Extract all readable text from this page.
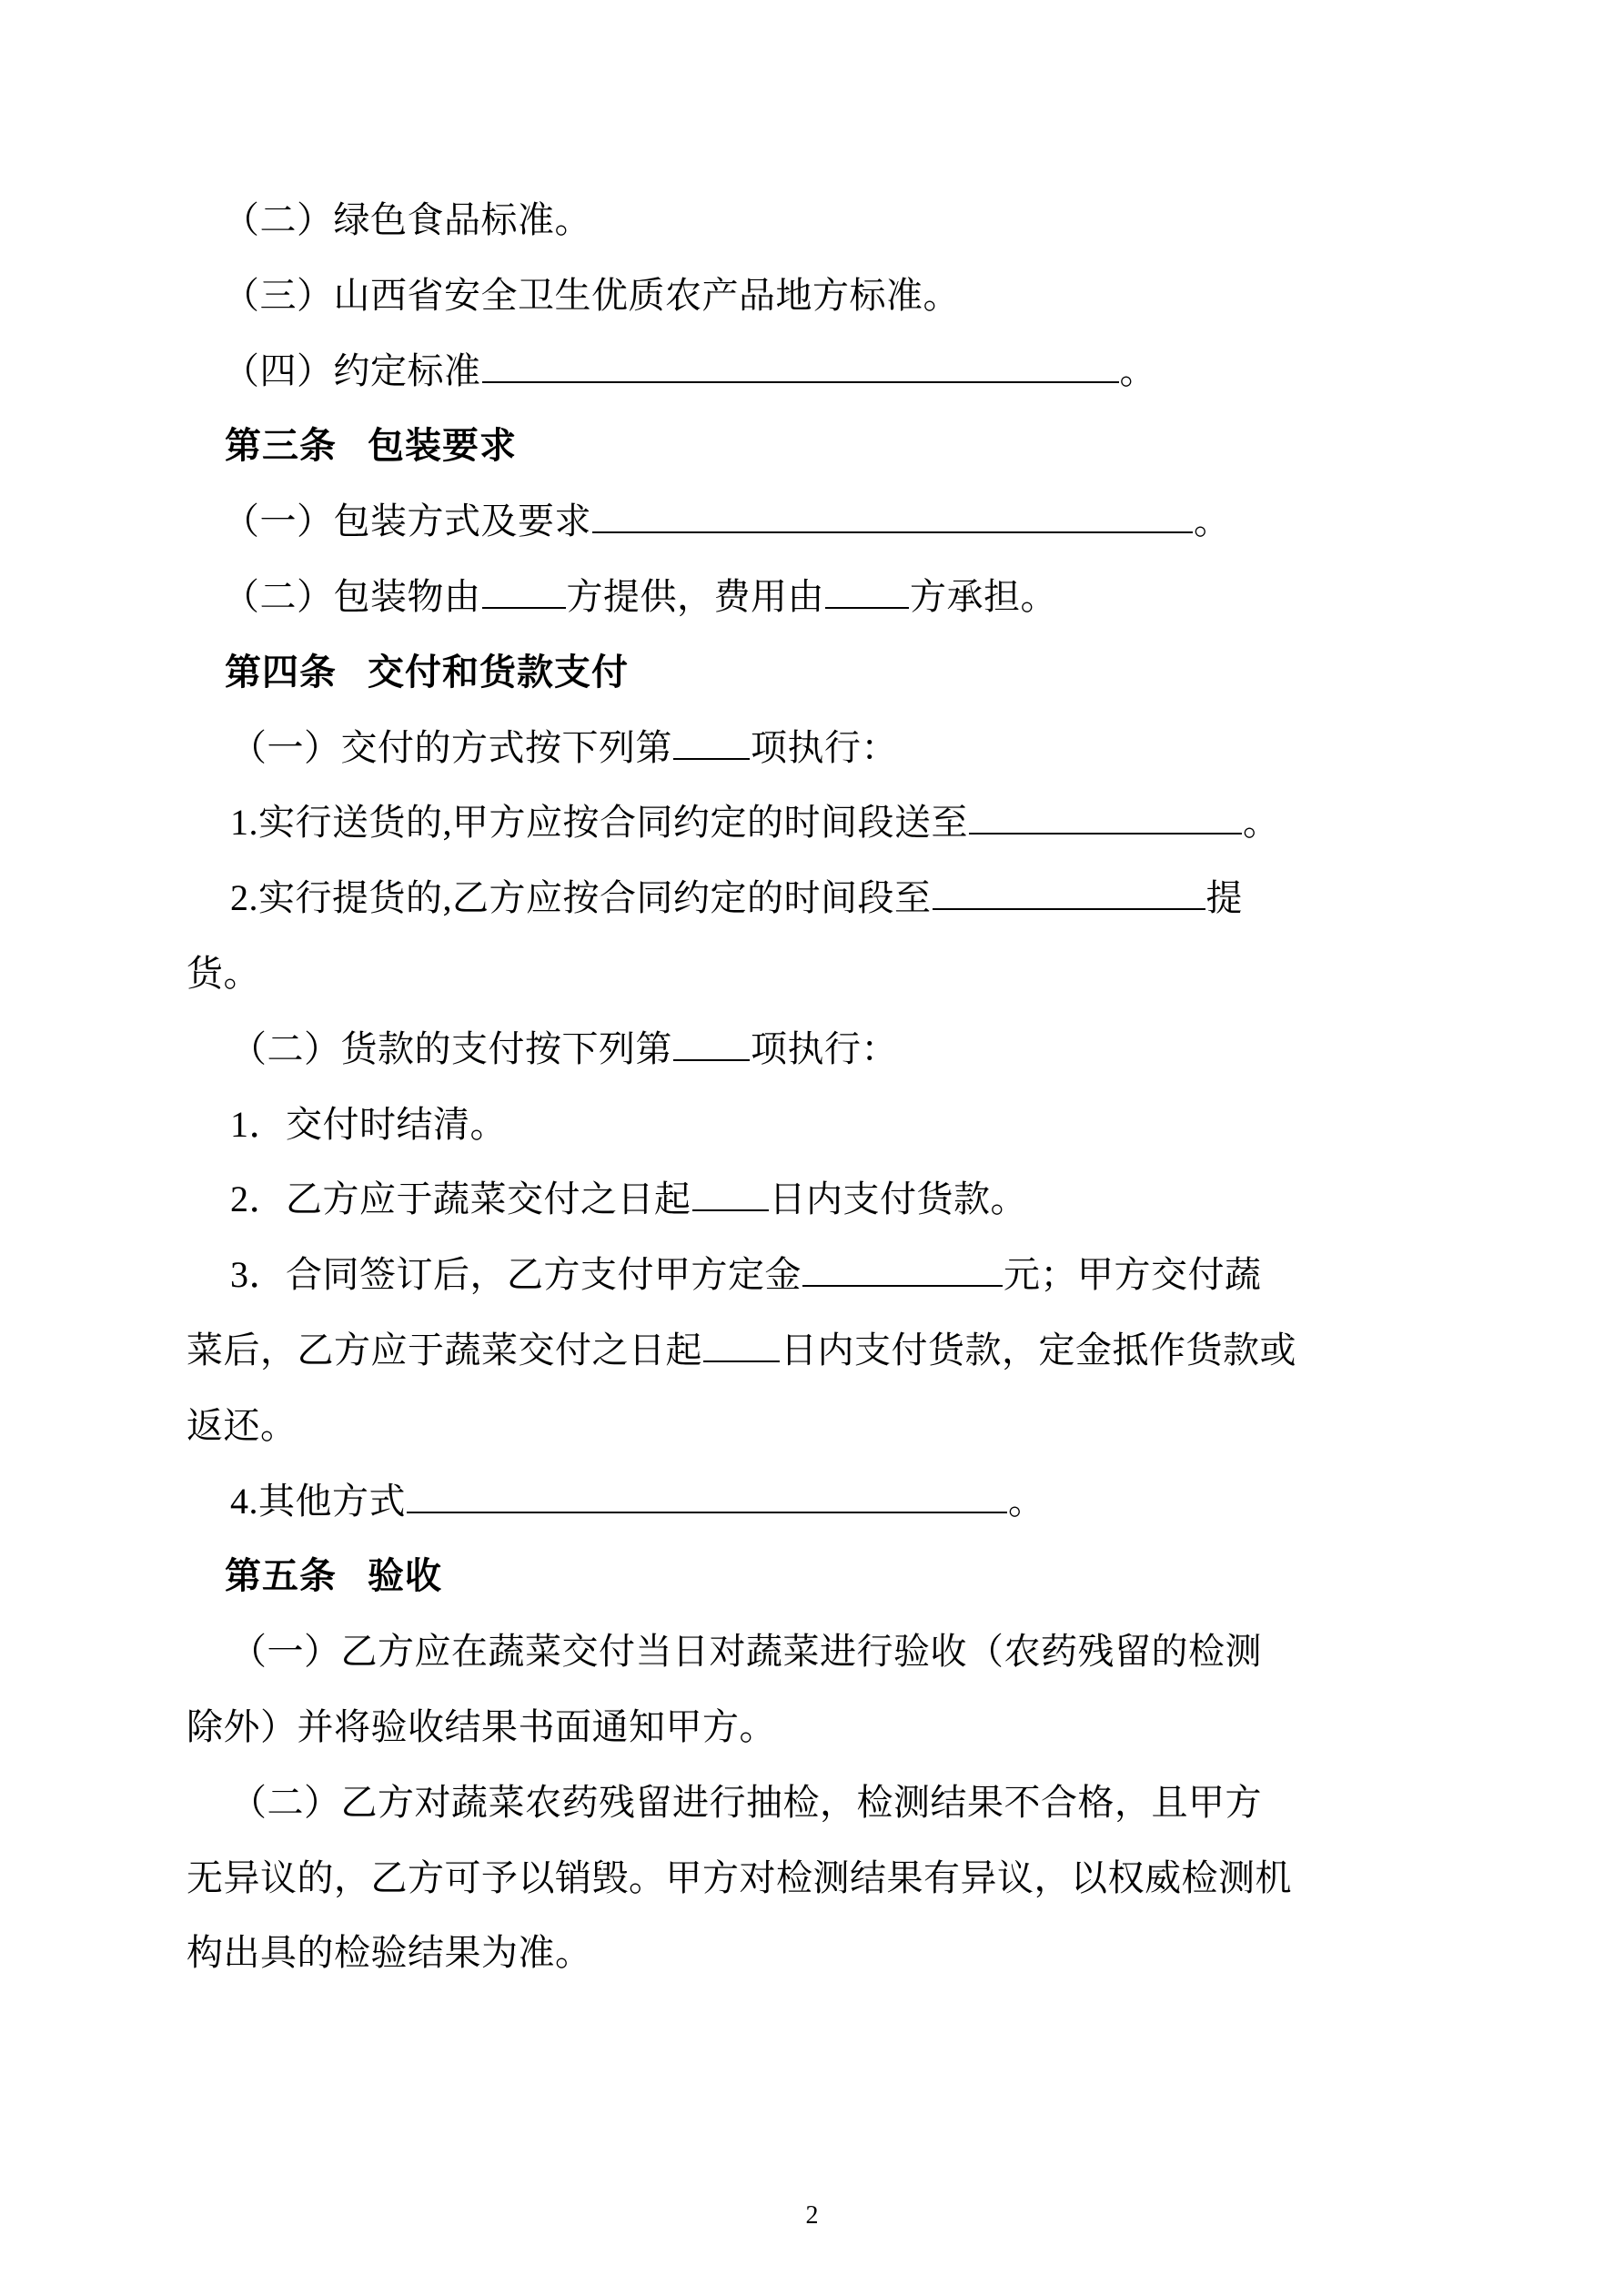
（二）绿色食品标准。

（三）山西省安全卫生优质农产品地方标准。

（四）约定标准	。

第三条 包装要求

（一）包装方式及要求	。

（二）包装物由 方提供，费用由 方承担。

第四条 交付和货款支付

（一）交付的方式按下列第 项执行：

1.实行送货的,甲方应按合同约定的时间段送至	。

2.实行提货的,乙方应按合同约定的时间段至	提

货。

（二）货款的支付按下列第 项执行：

1．交付时结清。

2．乙方应于蔬菜交付之日起 日内支付货款。

3．合同签订后，乙方支付甲方定金	元；甲方交付蔬

菜后，乙方应于蔬菜交付之日起 日内支付货款，定金抵作货款或

返还。

4.其他方式	。

第五条 验收

（一）乙方应在蔬菜交付当日对蔬菜进行验收（农药残留的检测

除外）并将验收结果书面通知甲方。

（二）乙方对蔬菜农药残留进行抽检，检测结果不合格，且甲方

无异议的，乙方可予以销毁。甲方对检测结果有异议，以权威检测机

构出具的检验结果为准。

2
